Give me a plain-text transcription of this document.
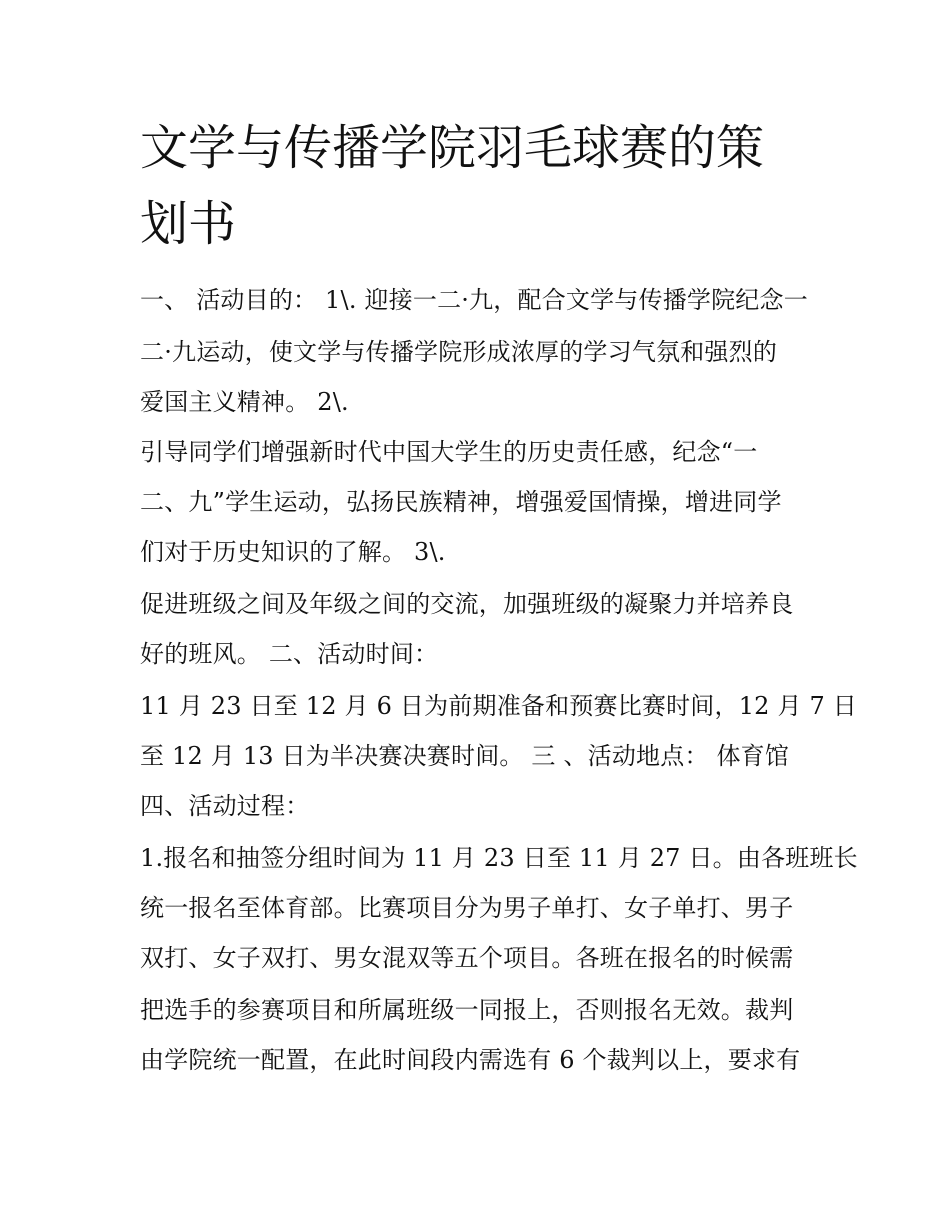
文学与传播学院羽毛球赛的策
划书

一、 活动目的： 1\. 迎接一二·九，配合文学与传播学院纪念一

二·九运动，使文学与传播学院形成浓厚的学习气氛和强烈的

爱国主义精神。 2\.

引导同学们增强新时代中国大学生的历史责任感，纪念“一

二、九”学生运动，弘扬民族精神，增强爱国情操，增进同学

们对于历史知识的了解。 3\.

促进班级之间及年级之间的交流，加强班级的凝聚力并培养良

好的班风。 二、活动时间：

11 月 23 日至 12 月 6 日为前期准备和预赛比赛时间，12 月 7 日

至 12 月 13 日为半决赛决赛时间。 三 、活动地点： 体育馆

四、活动过程：

1.报名和抽签分组时间为 11 月 23 日至 11 月 27 日。由各班班长

统一报名至体育部。比赛项目分为男子单打、女子单打、男子

双打、女子双打、男女混双等五个项目。各班在报名的时候需

把选手的参赛项目和所属班级一同报上，否则报名无效。裁判

由学院统一配置，在此时间段内需选有 6 个裁判以上，要求有
